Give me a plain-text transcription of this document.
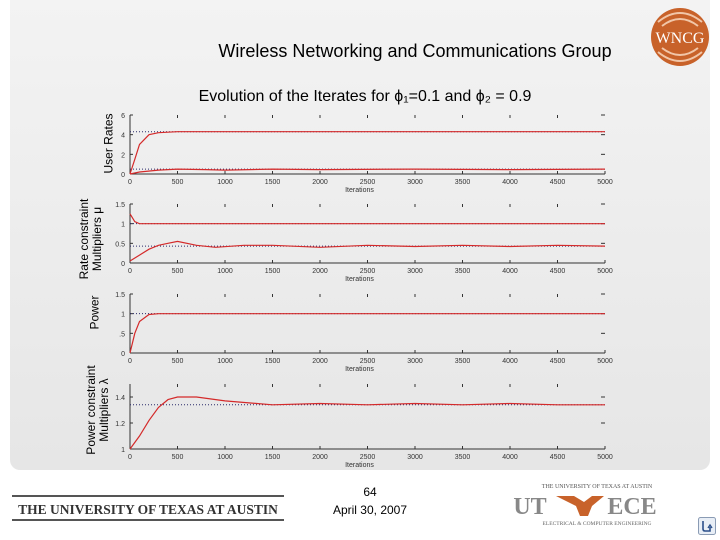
WNCG
Wireless Networking and Communications Group
Evolution of the Iterates for ϕ₁=0.1 and ϕ₂ = 0.9
User Rates
Rate constraint Multipliers μ
Power
Power constraint Multipliers λ
0	500	1000	1500	2000	2500	3000	3500	4000	4500	5000
Iterations
6
4
2
0
0	500	1000	1500	2000	2500	3000	3500	4000	4500	5000
Iterations
1.5
1
0.5
0
0	500	1000	1500	2000	2500	3000	3500	4000	4500	5000
Iterations
1.5
1
.5
0
0	500	1000	1500	2000	2500	3000	3500	4000	4500	5000
Iterations
1.4
1.2
1
THE UNIVERSITY OF TEXAS AT AUSTIN
64
April 30, 2007
THE UNIVERSITY OF TEXAS AT AUSTIN
UT	ECE
ELECTRICAL & COMPUTER ENGINEERING
